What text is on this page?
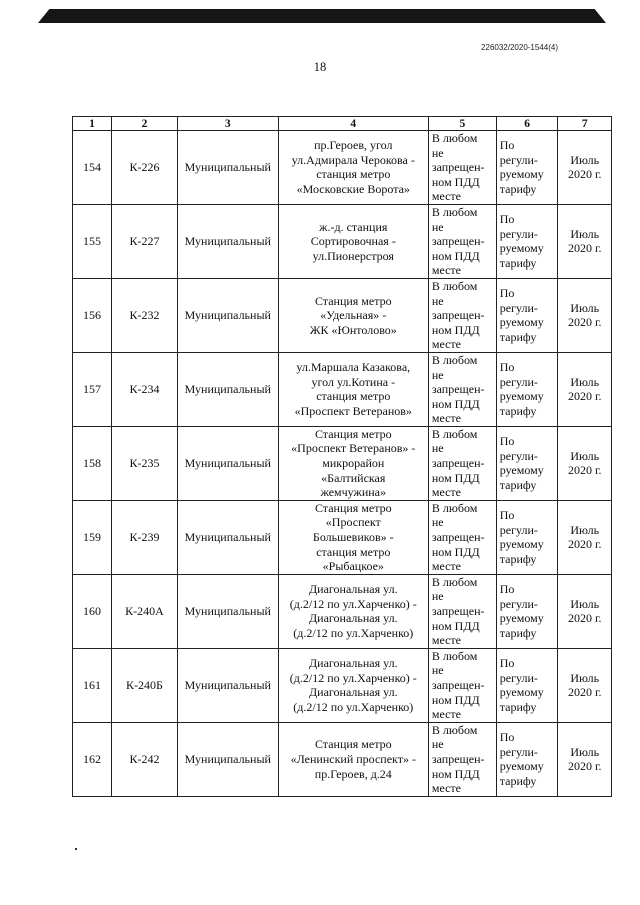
226032/2020-1544(4)
18
1	2	3	4	5	6	7
154	К-226	Муниципальный	пр.Героев, угол
ул.Адмирала Черокова -
станция метро
«Московские Ворота»	В любом
не
запрещен-
ном ПДД
месте	По
регули-
руемому
тарифу	Июль
2020 г.

155	К-227	Муниципальный	ж.-д. станция
Сортировочная -
ул.Пионерстроя	В любом
не
запрещен-
ном ПДД
месте	По
регули-
руемому
тарифу	Июль
2020 г.

156	К-232	Муниципальный	Станция метро
«Удельная» -
ЖК «Юнтолово»	В любом
не
запрещен-
ном ПДД
месте	По
регули-
руемому
тарифу	Июль
2020 г.

157	К-234	Муниципальный	ул.Маршала Казакова,
угол ул.Котина -
станция метро
«Проспект Ветеранов»	В любом
не
запрещен-
ном ПДД
месте	По
регули-
руемому
тарифу	Июль
2020 г.

158	К-235	Муниципальный	Станция метро
«Проспект Ветеранов» -
микрорайон
«Балтийская
жемчужина»	В любом
не
запрещен-
ном ПДД
месте	По
регули-
руемому
тарифу	Июль
2020 г.

159	К-239	Муниципальный	Станция метро
«Проспект
Большевиков» -
станция метро
«Рыбацкое»	В любом
не
запрещен-
ном ПДД
месте	По
регули-
руемому
тарифу	Июль
2020 г.

160	К-240А	Муниципальный	Диагональная ул.
(д.2/12 по ул.Харченко) -
Диагональная ул.
(д.2/12 по ул.Харченко)	В любом
не
запрещен-
ном ПДД
месте	По
регули-
руемому
тарифу	Июль
2020 г.

161	К-240Б	Муниципальный	Диагональная ул.
(д.2/12 по ул.Харченко) -
Диагональная ул.
(д.2/12 по ул.Харченко)	В любом
не
запрещен-
ном ПДД
месте	По
регули-
руемому
тарифу	Июль
2020 г.

162	К-242	Муниципальный	Станция метро
«Ленинский проспект» -
пр.Героев, д.24	В любом
не
запрещен-
ном ПДД
месте	По
регули-
руемому
тарифу	Июль
2020 г.
